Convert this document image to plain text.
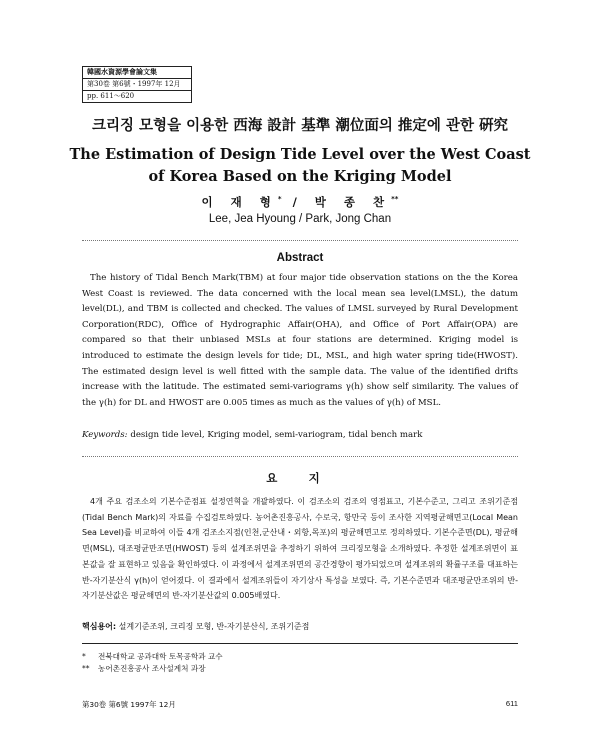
韓國水資源學會論文集
第30卷 第6號・1997年 12月
pp. 611～620
크리징 모형을 이용한 西海 設計 基準 潮位面의 推定에 관한 硏究
The Estimation of Design Tide Level over the West Coast of Korea Based on the Kriging Model
이 재 형* / 박 종 찬**
Lee, Jea Hyoung / Park, Jong Chan
Abstract
The history of Tidal Bench Mark(TBM) at four major tide observation stations on the the Korea West Coast is reviewed. The data concerned with the local mean sea level(LMSL), the datum level(DL), and TBM is collected and checked. The values of LMSL surveyed by Rural Development Corporation(RDC), Office of Hydrographic Affair(OHA), and Office of Port Affair(OPA) are compared so that their unbiased MSLs at four stations are determined. Kriging model is introduced to estimate the design levels for tide; DL, MSL, and high water spring tide(HWOST). The estimated design level is well fitted with the sample data. The value of the identified drifts increase with the latitude. The estimated semi-variograms γ(h) show self similarity. The values of the γ(h) for DL and HWOST are 0.005 times as much as the values of γ(h) of MSL.
Keywords: design tide level, Kriging model, semi-variogram, tidal bench mark
요 지
4개 주요 검조소의 기본수준점표 설정연혁을 개괄하였다. 이 검조소의 검조의 영점표고, 기본수준고, 그리고 조위기준점(Tidal Bench Mark)의 자료를 수집검토하였다. 농어촌진흥공사, 수로국, 항만국 등이 조사한 지역평균해면고(Local Mean Sea Level)를 비교하여 이들 4개 검조소지점(인천,군산내・외항,목포)의 평균해면고로 정의하였다. 기본수준면(DL), 평균해면(MSL), 대조평균만조면(HWOST) 등의 설계조위면을 추정하기 위하여 크리징모형을 소개하였다. 추정한 설계조위면이 표본값을 잘 표현하고 있음을 확인하였다. 이 과정에서 설계조위면의 공간경향이 평가되었으며 설계조위의 확률구조를 대표하는 반-자기분산식 γ(h)이 얻어졌다. 이 결과에서 설계조위들이 자기상사 특성을 보였다. 즉, 기본수준면과 대조평균만조위의 반-자기분산값은 평균해면의 반-자기분산값의 0.005배였다.
핵심용어: 설계기준조위, 크리징 모형, 반-자기분산식, 조위기준점
* 전북대학교 공과대학 토목공학과 교수
** 농어촌진흥공사 조사설계처 과장
第30卷 第6號 1997年 12月	611
